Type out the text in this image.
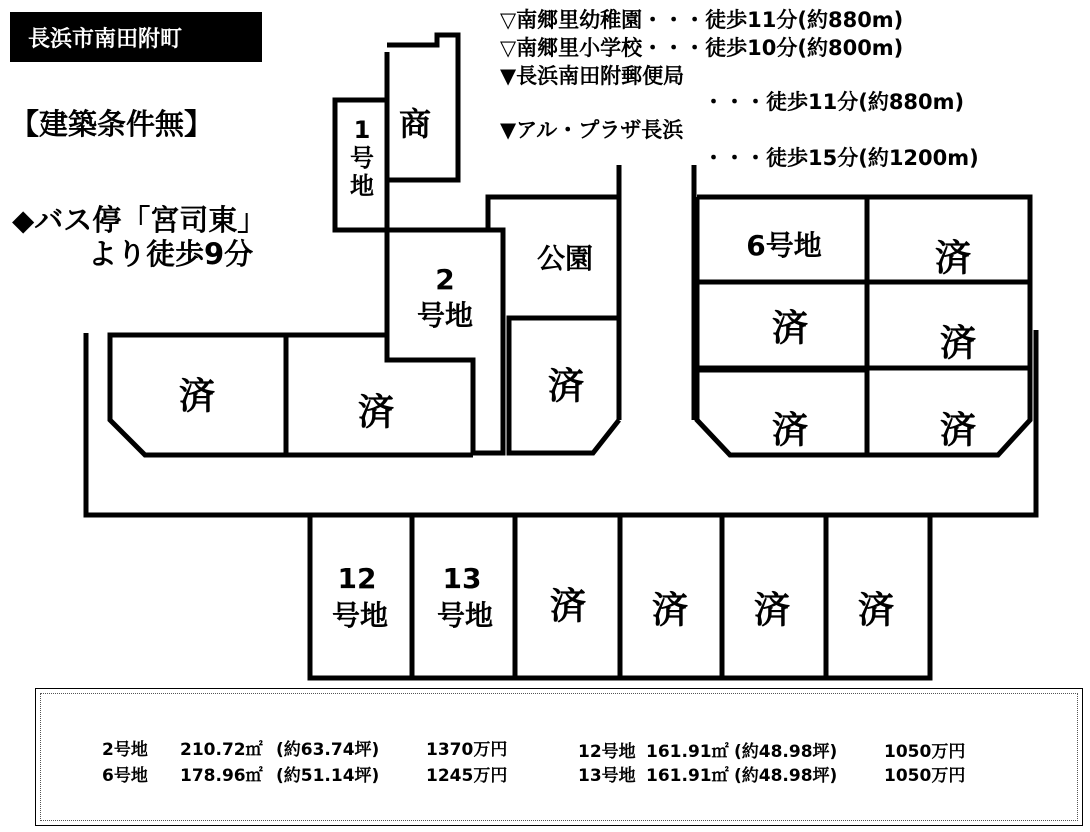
長浜市南田附町
【建築条件無】
◆バス停「宮司東」
より徒歩9分
▽南郷里幼稚園・・・徒歩11分(約880m)
▽南郷里小学校・・・徒歩10分(約800m)
▼長浜南田附郵便局
・・・徒歩11分(約880m)
▼アル・プラザ長浜
・・・徒歩15分(約1200m)
商
1
号
地
2
号地
公園
済	済
済
6号地	済
済	済
済	済
12
号地
13
号地 済 済 済 済
2号地 210.72㎡ (約63.74坪)	1370万円
6号地 178.96㎡ (約51.14坪)	1245万円
12号地 161.91㎡ (約48.98坪)	1050万円
13号地 161.91㎡ (約48.98坪)	1050万円
